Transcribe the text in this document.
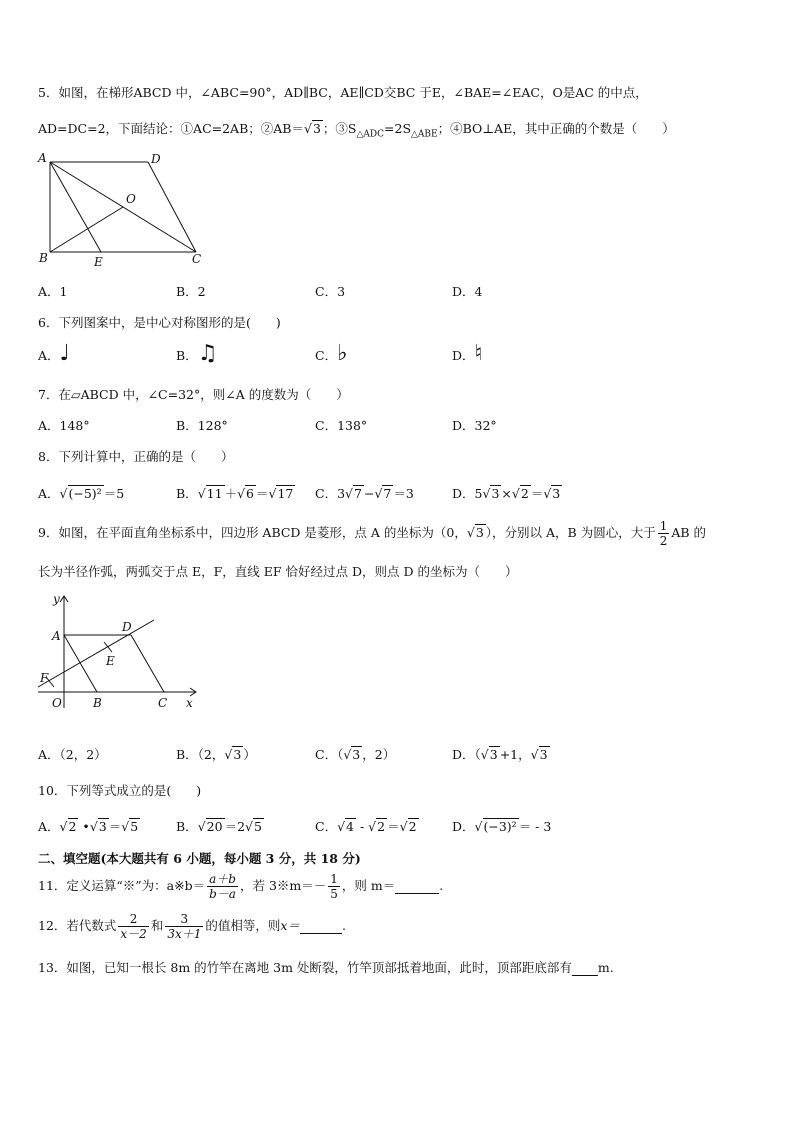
5．如图，在梯形ABCD 中，∠ABC=90°，AD∥BC，AE∥CD交BC 于E，∠BAE=∠EAC，O是AC 的中点，
AD=DC=2，下面结论：①AC=2AB；②AB＝√3 ；$③S_{\triangle ADC}=2S_{\triangle ABE}$；④BO⊥AE，其中正确的个数是（　　）
A	D
O
B	E	C
A．1	B．2	C．3	D．4
6．下列图案中，是中心对称图形的是(　　)
A．♩	B．♫	C．♭	D．♮
7．在▱ABCD 中，∠C=32°，则∠A 的度数为（　　）
A．148°	B．128°	C．138°	D．32°
8．下列计算中，正确的是（　　）
A．√(−5)² ＝5	B．√11 ＋√6 ＝√17 C．3√7 −√7 ＝3	D．5√3 ×√2 ＝√3
9．如图，在平面直角坐标系中，四边形 ABCD 是菱形，点 A 的坐标为（0，√3 ），分别以 A，B 为圆心，大于 $\frac{1}{2}$ AB 的
长为半径作弧，两弧交于点 E，F，直线 EF 恰好经过点 D，则点 D 的坐标为（　　）
y
A
D
E
F
O	B	C x
A．（2，2）	B．（2，√3 ）	C．（√3 ，2）	D．（√3 +1，√3
10．下列等式成立的是(　　)
A．√2 •√3 ＝√5	B．√20 ＝2√5	C．√4 - √2 ＝√2	D．√(−3)² ＝ - 3
二、填空题(本大题共有 6 小题，每小题 3 分，共 18 分)
11．定义运算“※”为：a※b＝ $\frac{a+b}{b-a}$ ，若 3※m＝－ $\frac{1}{5}$ ，则 m＝	.
12．若代数式 $\frac{2}{x-2}$ 和 $\frac{3}{3x+1}$ 的值相等，则x＝	.
13．如图，已知一根长 8m 的竹竿在离地 3m 处断裂，竹竿顶部抵着地面，此时，顶部距底部有 m.
